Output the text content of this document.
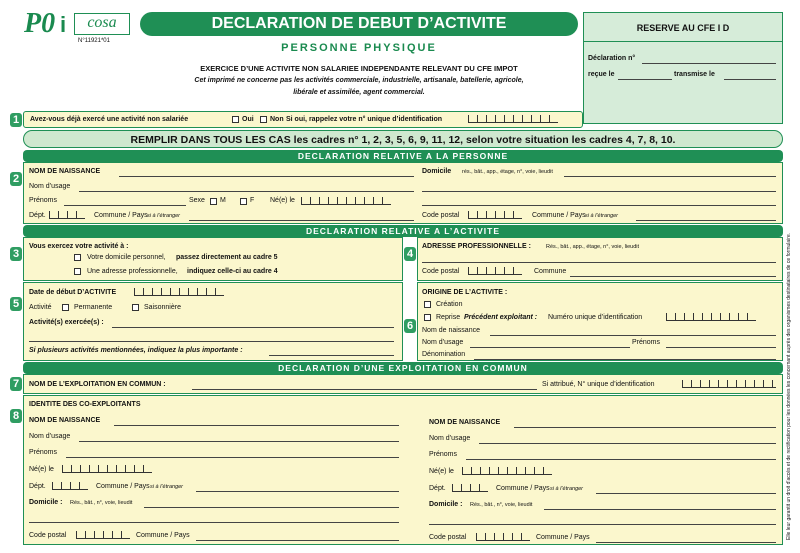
P0 i	cosa
N°11921*01
DECLARATION DE DEBUT D’ACTIVITE
PERSONNE PHYSIQUE
EXERCICE D’UNE ACTIVITE NON SALARIEE INDEPENDANTE RELEVANT DU CFE IMPOT
Cet imprimé ne concerne pas les activités commerciale, industrielle, artisanale, batellerie, agricole,
libérale et assimilée, agent commercial.
RESERVE AU CFE I D
Déclaration n°
reçue le	transmise le
Elle leur garantit un droit d’accès et de rectification pour les données les concernant auprès des organismes destinataires de ce formulaire.
1	Avez-vous déjà exercé une activité non salariée	Oui Non Si oui, rappelez votre n° unique d’identification
REMPLIR DANS TOUS LES CAS les cadres n° 1, 2, 3, 5, 6, 9, 11, 12, selon votre situation les cadres 4, 7, 8, 10.
DECLARATION RELATIVE A LA PERSONNE
2
NOM DE NAISSANCE
Nom d’usage
Prénoms	Sexe M	F Né(e) le
Dépt.	Commune / Pays si à l’étranger
Domicile rés., bât., app., étage, n°, voie, lieudit
Code postal	Commune / Pays si à l’étranger
DECLARATION RELATIVE A L’ACTIVITE
3
Vous exercez votre activité à :
Votre domicile personnel, passez directement au cadre 5
Une adresse professionnelle, indiquez celle-ci au cadre 4
4
ADRESSE PROFESSIONNELLE :	Rés., bât., app., étage, n°, voie, lieudit
Code postal	Commune
5
Date de début D’ACTIVITE
Activité	Permanente	Saisonnière
Activité(s) exercée(s) :
Si plusieurs activités mentionnées, indiquez la plus importante :
6
ORIGINE DE L’ACTIVITE :
Création
Reprise Précédent exploitant : Numéro unique d’identification
Nom de naissance
Nom d’usage	Prénoms
Dénomination
DECLARATION D’UNE EXPLOITATION EN COMMUN
7	NOM DE L’EXPLOITATION EN COMMUN :	Si attribué, N° unique d’identification
8
IDENTITE DES CO-EXPLOITANTS
NOM DE NAISSANCE
Nom d’usage
Prénoms
Né(e) le
Dépt.	Commune / Pays si à l’étranger
Domicile : Rés., bât., n°, voie, lieudit
Code postal	Commune / Pays
NOM DE NAISSANCE
Nom d’usage
Prénoms
Né(e) le
Dépt.	Commune / Pays si à l’étranger
Domicile : Rés., bât., n°, voie, lieudit
Code postal	Commune / Pays
